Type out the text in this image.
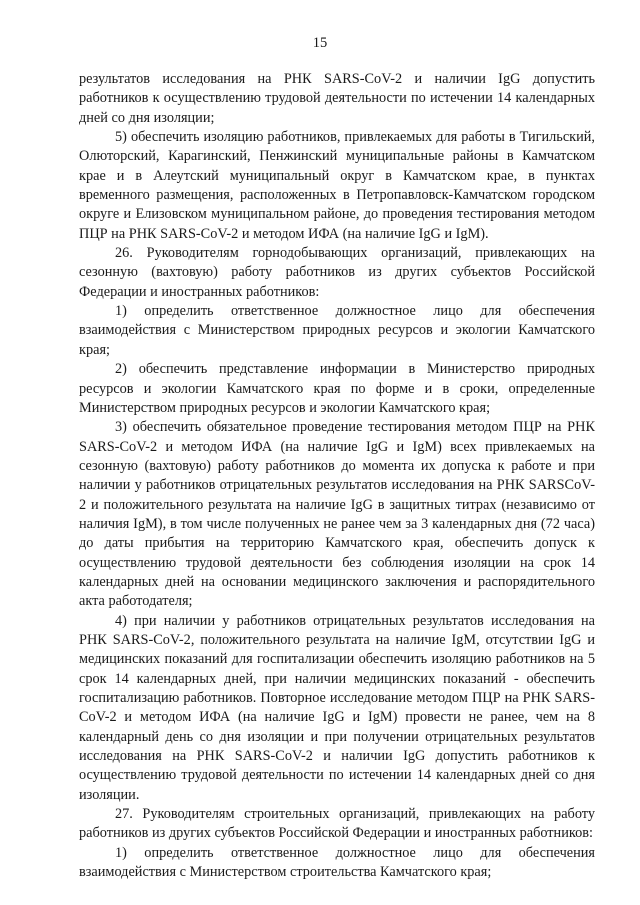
15

результатов исследования на РНК SARS-CoV-2 и наличии IgG допустить работников к осуществлению трудовой деятельности по истечении 14 календарных дней со дня изоляции;

5) обеспечить изоляцию работников, привлекаемых для работы в Тигильский, Олюторский, Карагинский, Пенжинский муниципальные районы в Камчатском крае и в Алеутский муниципальный округ в Камчатском крае, в пунктах временного размещения, расположенных в Петропавловск-Камчатском городском округе и Елизовском муниципальном районе, до проведения тестирования методом ПЦР на РНК SARS-CoV-2 и методом ИФА (на наличие IgG и IgM).

26. Руководителям горнодобывающих организаций, привлекающих на сезонную (вахтовую) работу работников из других субъектов Российской Федерации и иностранных работников:

1) определить ответственное должностное лицо для обеспечения взаимодействия с Министерством природных ресурсов и экологии Камчатского края;

2) обеспечить представление информации в Министерство природных ресурсов и экологии Камчатского края по форме и в сроки, определенные Министерством природных ресурсов и экологии Камчатского края;

3) обеспечить обязательное проведение тестирования методом ПЦР на РНК SARS-CoV-2 и методом ИФА (на наличие IgG и IgM) всех привлекаемых на сезонную (вахтовую) работу работников до момента их допуска к работе и при наличии у работников отрицательных результатов исследования на РНК SARSCoV-2 и положительного результата на наличие IgG в защитных титрах (независимо от наличия IgM), в том числе полученных не ранее чем за 3 календарных дня (72 часа) до даты прибытия на территорию Камчатского края, обеспечить допуск к осуществлению трудовой деятельности без соблюдения изоляции на срок 14 календарных дней на основании медицинского заключения и распорядительного акта работодателя;

4) при наличии у работников отрицательных результатов исследования на РНК SARS-CoV-2, положительного результата на наличие IgM, отсутствии IgG и медицинских показаний для госпитализации обеспечить изоляцию работников на 5 срок 14 календарных дней, при наличии медицинских показаний - обеспечить госпитализацию работников. Повторное исследование методом ПЦР на РНК SARS-CoV-2 и методом ИФА (на наличие IgG и IgM) провести не ранее, чем на 8 календарный день со дня изоляции и при получении отрицательных результатов исследования на РНК SARS-CoV-2 и наличии IgG допустить работников к осуществлению трудовой деятельности по истечении 14 календарных дней со дня изоляции.

27. Руководителям строительных организаций, привлекающих на работу работников из других субъектов Российской Федерации и иностранных работников:

1) определить ответственное должностное лицо для обеспечения взаимодействия с Министерством строительства Камчатского края;
